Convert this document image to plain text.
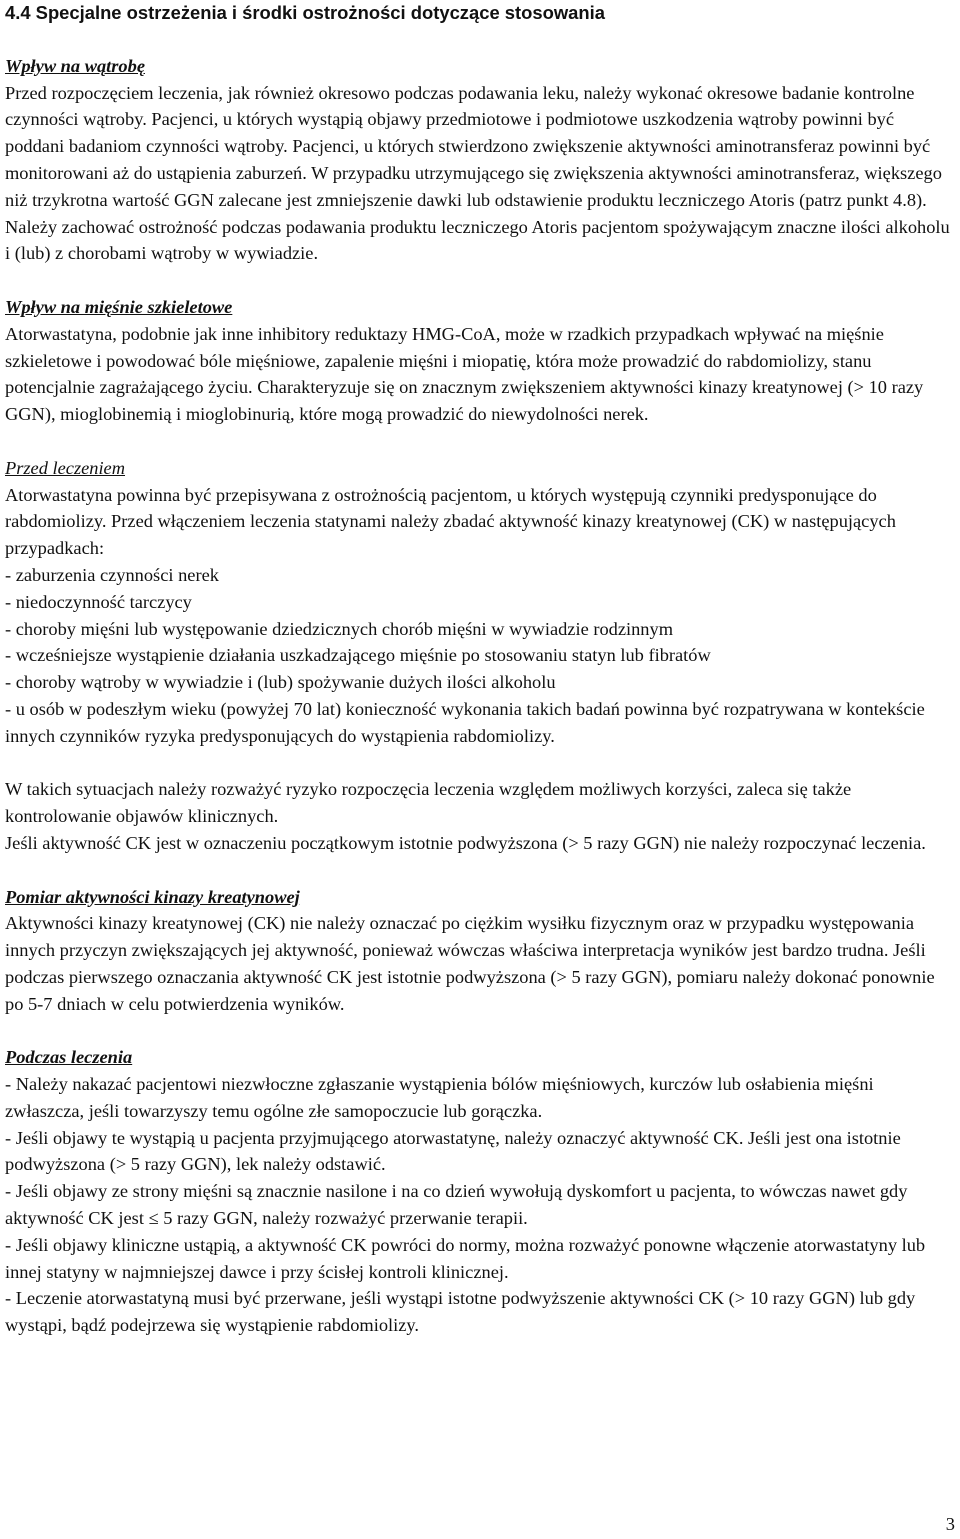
4.4 Specjalne ostrzeżenia i środki ostrożności dotyczące stosowania

Wpływ na wątrobę

Przed rozpoczęciem leczenia, jak również okresowo podczas podawania leku, należy wykonać okresowe badanie kontrolne czynności wątroby. Pacjenci, u których wystąpią objawy przedmiotowe i podmiotowe uszkodzenia wątroby powinni być poddani badaniom czynności wątroby. Pacjenci, u których stwierdzono zwiększenie aktywności aminotransferaz powinni być monitorowani aż do ustąpienia zaburzeń. W przypadku utrzymującego się zwiększenia aktywności aminotransferaz, większego niż trzykrotna wartość GGN zalecane jest zmniejszenie dawki lub odstawienie produktu leczniczego Atoris (patrz punkt 4.8).

Należy zachować ostrożność podczas podawania produktu leczniczego Atoris pacjentom spożywającym znaczne ilości alkoholu i (lub) z chorobami wątroby w wywiadzie.

Wpływ na mięśnie szkieletowe

Atorwastatyna, podobnie jak inne inhibitory reduktazy HMG-CoA, może w rzadkich przypadkach wpływać na mięśnie szkieletowe i powodować bóle mięśniowe, zapalenie mięśni i miopatię, która może prowadzić do rabdomiolizy, stanu potencjalnie zagrażającego życiu. Charakteryzuje się on znacznym zwiększeniem aktywności kinazy kreatynowej (> 10 razy GGN), mioglobinemią i mioglobinurią, które mogą prowadzić do niewydolności nerek.

Przed leczeniem

Atorwastatyna powinna być przepisywana z ostrożnością pacjentom, u których występują czynniki predysponujące do rabdomiolizy. Przed włączeniem leczenia statynami należy zbadać aktywność kinazy kreatynowej (CK) w następujących przypadkach:

- zaburzenia czynności nerek

- niedoczynność tarczycy

- choroby mięśni lub występowanie dziedzicznych chorób mięśni w wywiadzie rodzinnym

- wcześniejsze wystąpienie działania uszkadzającego mięśnie po stosowaniu statyn lub fibratów

- choroby wątroby w wywiadzie i (lub) spożywanie dużych ilości alkoholu

- u osób w podeszłym wieku (powyżej 70 lat) konieczność wykonania takich badań powinna być rozpatrywana w kontekście innych czynników ryzyka predysponujących do wystąpienia rabdomiolizy.

W takich sytuacjach należy rozważyć ryzyko rozpoczęcia leczenia względem możliwych korzyści, zaleca się także kontrolowanie objawów klinicznych.

Jeśli aktywność CK jest w oznaczeniu początkowym istotnie podwyższona (> 5 razy GGN) nie należy rozpoczynać leczenia.

Pomiar aktywności kinazy kreatynowej

Aktywności kinazy kreatynowej (CK) nie należy oznaczać po ciężkim wysiłku fizycznym oraz w przypadku występowania innych przyczyn zwiększających jej aktywność, ponieważ wówczas właściwa interpretacja wyników jest bardzo trudna. Jeśli podczas pierwszego oznaczania aktywność CK jest istotnie podwyższona (> 5 razy GGN), pomiaru należy dokonać ponownie po 5-7 dniach w celu potwierdzenia wyników.

Podczas leczenia

- Należy nakazać pacjentowi niezwłoczne zgłaszanie wystąpienia bólów mięśniowych, kurczów lub osłabienia mięśni zwłaszcza, jeśli towarzyszy temu ogólne złe samopoczucie lub gorączka.

- Jeśli objawy te wystąpią u pacjenta przyjmującego atorwastatynę, należy oznaczyć aktywność CK. Jeśli jest ona istotnie podwyższona (> 5 razy GGN), lek należy odstawić.

- Jeśli objawy ze strony mięśni są znacznie nasilone i na co dzień wywołują dyskomfort u pacjenta, to wówczas nawet gdy aktywność CK jest ≤ 5 razy GGN, należy rozważyć przerwanie terapii.

- Jeśli objawy kliniczne ustąpią, a aktywność CK powróci do normy, można rozważyć ponowne włączenie atorwastatyny lub innej statyny w najmniejszej dawce i przy ścisłej kontroli klinicznej.

- Leczenie atorwastatyną musi być przerwane, jeśli wystąpi istotne podwyższenie aktywności CK (> 10 razy GGN) lub gdy wystąpi, bądź podejrzewa się wystąpienie rabdomiolizy.

3
